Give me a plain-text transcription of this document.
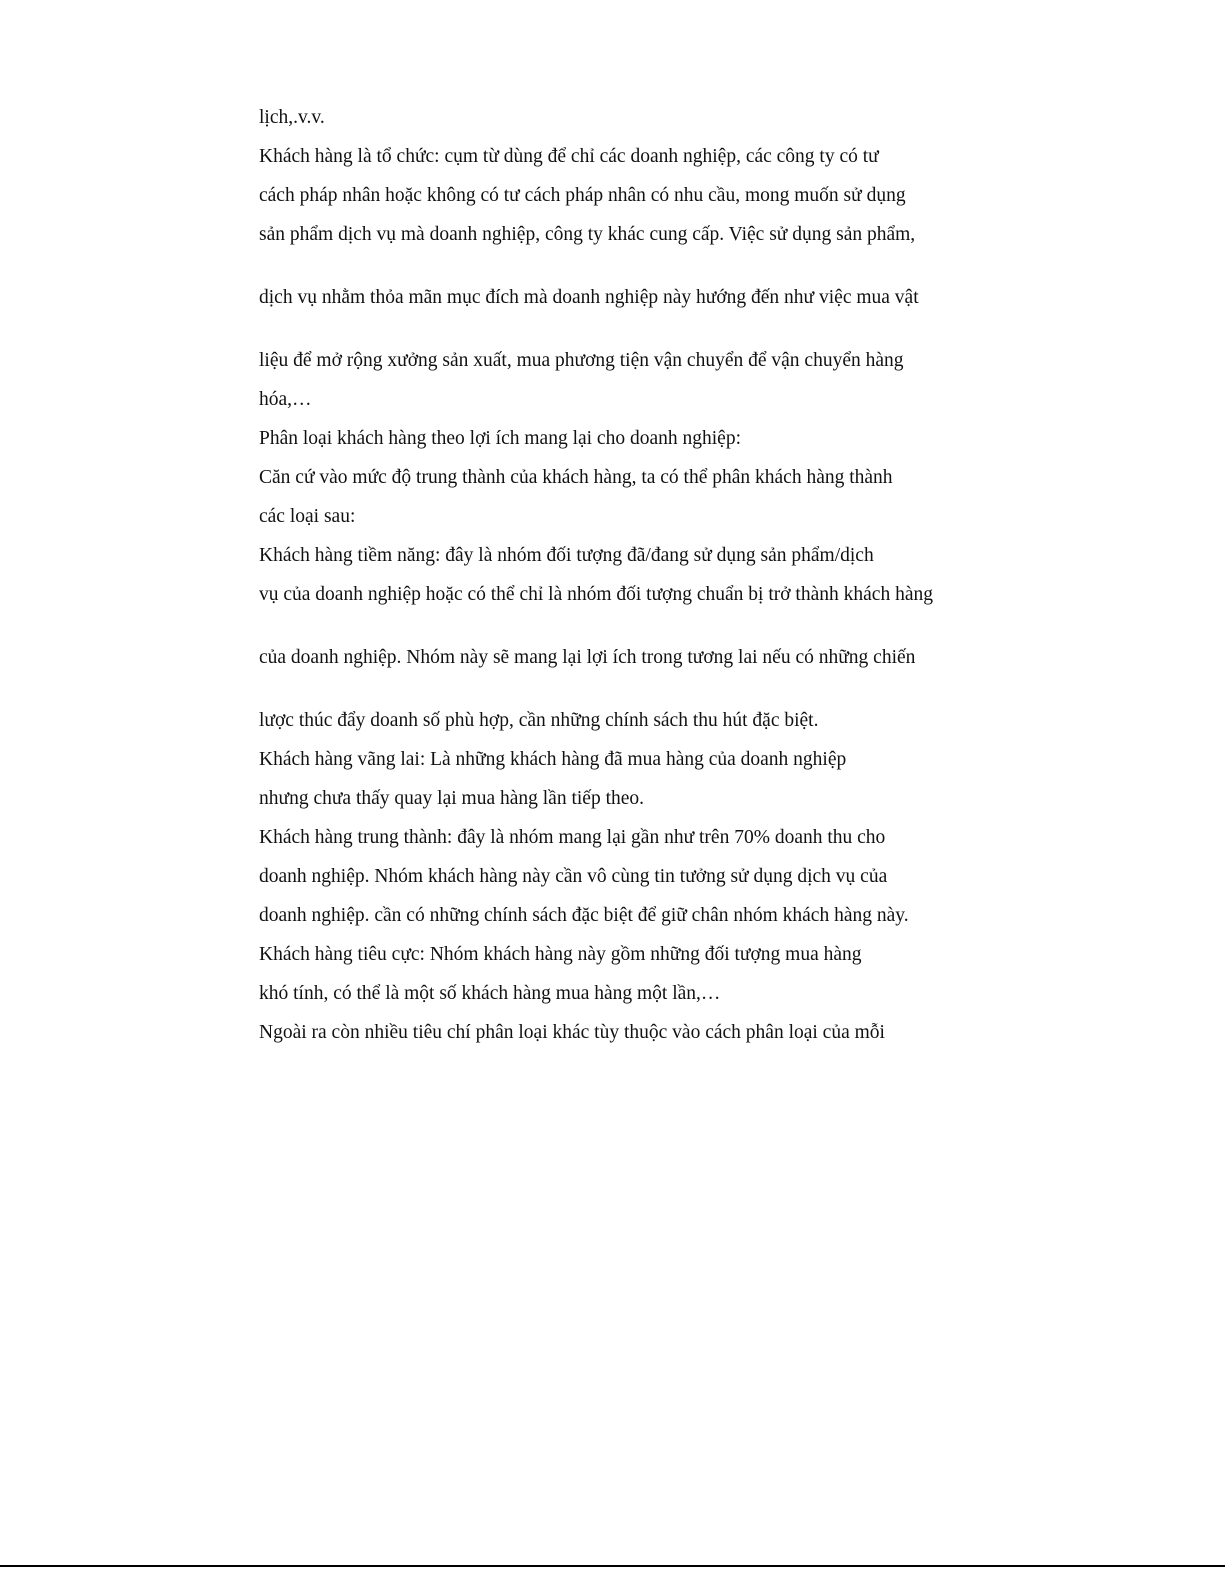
lịch,.v.v.

Khách hàng là tổ chức: cụm từ dùng để chỉ các doanh nghiệp, các công ty có tư

cách pháp nhân hoặc không có tư cách pháp nhân có nhu cầu, mong muốn sử dụng

sản phẩm dịch vụ mà doanh nghiệp, công ty khác cung cấp. Việc sử dụng sản phẩm,

dịch vụ nhằm thỏa mãn mục đích mà doanh nghiệp này hướng đến như việc mua vật

liệu để mở rộng xưởng sản xuất, mua phương tiện vận chuyển để vận chuyển hàng

hóa,…

Phân loại khách hàng theo lợi ích mang lại cho doanh nghiệp:

Căn cứ vào mức độ trung thành của khách hàng, ta có thể phân khách hàng thành

các loại sau:

Khách hàng tiềm năng: đây là nhóm đối tượng đã/đang sử dụng sản phẩm/dịch

vụ của doanh nghiệp hoặc có thể chỉ là nhóm đối tượng chuẩn bị trở thành khách hàng

của doanh nghiệp. Nhóm này sẽ mang lại lợi ích trong tương lai nếu có những chiến

lược thúc đẩy doanh số phù hợp, cần những chính sách thu hút đặc biệt.

Khách hàng vãng lai: Là những khách hàng đã mua hàng của doanh nghiệp

nhưng chưa thấy quay lại mua hàng lần tiếp theo.

Khách hàng trung thành: đây là nhóm mang lại gần như trên 70% doanh thu cho

doanh nghiệp. Nhóm khách hàng này cần vô cùng tin tưởng sử dụng dịch vụ của

doanh nghiệp. cần có những chính sách đặc biệt để giữ chân nhóm khách hàng này.

Khách hàng tiêu cực: Nhóm khách hàng này gồm những đối tượng mua hàng

khó tính, có thể là một số khách hàng mua hàng một lần,…

Ngoài ra còn nhiều tiêu chí phân loại khác tùy thuộc vào cách phân loại của mỗi
